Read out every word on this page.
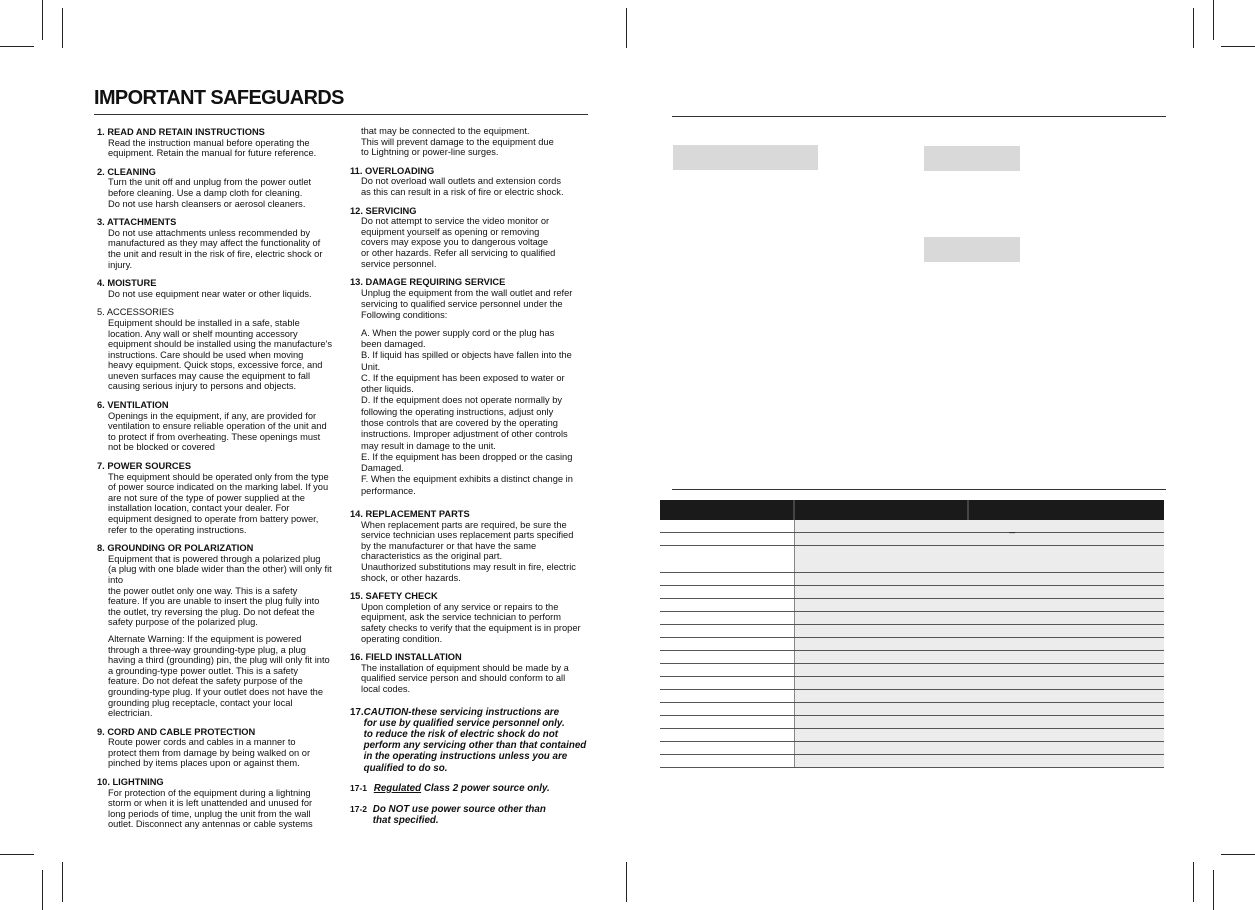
IMPORTANT SAFEGUARDS
1. READ AND RETAIN INSTRUCTIONS
Read the instruction manual before operating the
equipment. Retain the manual for future reference.
2. CLEANING
Turn the unit off and unplug from the power outlet
before cleaning. Use a damp cloth for cleaning.
Do not use harsh cleansers or aerosol cleaners.
3. ATTACHMENTS
Do not use attachments unless recommended by
manufactured as they may affect the functionality of
the unit and result in the risk of fire, electric shock or
injury.
4. MOISTURE
Do not use equipment near water or other liquids.
5. ACCESSORIES
Equipment should be installed in a safe, stable
location. Any wall or shelf mounting accessory
equipment should be installed using the manufacture's
instructions. Care should be used when moving
heavy equipment. Quick stops, excessive force, and
uneven surfaces may cause the equipment to fall
causing serious injury to persons and objects.
6. VENTILATION
Openings in the equipment, if any, are provided for
ventilation to ensure reliable operation of the unit and
to protect if from overheating. These openings must
not be blocked or covered
7. POWER SOURCES
The equipment should be operated only from the type
of power source indicated on the marking label. If you
are not sure of the type of power supplied at the
installation location, contact your dealer. For
equipment designed to operate from battery power,
refer to the operating instructions.
8. GROUNDING OR POLARIZATION
Equipment that is powered through a polarized plug
(a plug with one blade wider than the other) will only fit into
the power outlet only one way. This is a safety
feature. If you are unable to insert the plug fully into
the outlet, try reversing the plug. Do not defeat the
safety purpose of the polarized plug.
Alternate Warning: If the equipment is powered
through a three-way grounding-type plug, a plug
having a third (grounding) pin, the plug will only fit into
a grounding-type power outlet. This is a safety
feature. Do not defeat the safety purpose of the
grounding-type plug. If your outlet does not have the
grounding plug receptacle, contact your local
electrician.
9. CORD AND CABLE PROTECTION
Route power cords and cables in a manner to
protect them from damage by being walked on or
pinched by items places upon or against them.
10. LIGHTNING
For protection of the equipment during a lightning
storm or when it is left unattended and unused for
long periods of time, unplug the unit from the wall
outlet. Disconnect any antennas or cable systems
that may be connected to the equipment.
This will prevent damage to the equipment due
to Lightning or power-line surges.
11. OVERLOADING
Do not overload wall outlets and extension cords
as this can result in a risk of fire or electric shock.
12. SERVICING
Do not attempt to service the video monitor or
equipment yourself as opening or removing
covers may expose you to dangerous voltage
or other hazards. Refer all servicing to qualified
service personnel.
13. DAMAGE REQUIRING SERVICE
Unplug the equipment from the wall outlet and refer
servicing to qualified service personnel under the
Following conditions:
A. When the power supply cord or the plug has
been damaged.
B. If liquid has spilled or objects have fallen into the
Unit.
C. If the equipment has been exposed to water or
other liquids.
D. If the equipment does not operate normally by
following the operating instructions, adjust only
those controls that are covered by the operating
instructions. Improper adjustment of other controls
may result in damage to the unit.
E. If the equipment has been dropped or the casing
Damaged.
F. When the equipment exhibits a distinct change in
performance.
14. REPLACEMENT PARTS
When replacement parts are required, be sure the
service technician uses replacement parts specified
by the manufacturer or that have the same
characteristics as the original part.
Unauthorized substitutions may result in fire, electric
shock, or other hazards.
15. SAFETY CHECK
Upon completion of any service or repairs to the
equipment, ask the service technician to perform
safety checks to verify that the equipment is in proper
operating condition.
16. FIELD INSTALLATION
The installation of equipment should be made by a
qualified service person and should conform to all
local codes.
17.CAUTION-these servicing instructions are
for use by qualified service personnel only.
to reduce the risk of electric shock do not
perform any servicing other than that contained
in the operating instructions unless you are
qualified to do so.
17-1 Regulated Class 2 power source only.
17-2 Do NOT use power source other than
that specified.

	_	
